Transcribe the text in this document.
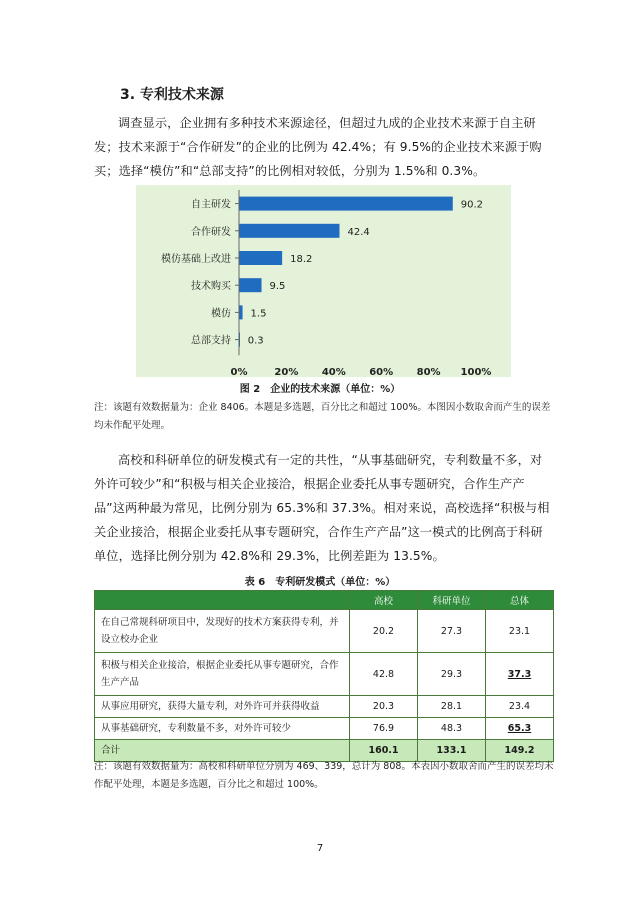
3. 专利技术来源
调查显示，企业拥有多种技术来源途径，但超过九成的企业技术来源于自主研发；技术来源于“合作研发”的企业的比例为 42.4%；有 9.5%的企业技术来源于购买；选择“模仿”和“总部支持”的比例相对较低，分别为 1.5%和 0.3%。
自主研发	90.2
合作研发	42.4
模仿基础上改进	18.2
技术购买	9.5
模仿 1.5
总部支持 0.3
0%	20% 40% 60% 80% 100%
图 2　企业的技术来源（单位：%）
注：该题有效数据量为：企业 8406。本题是多选题，百分比之和超过 100%。本图因小数取舍而产生的误差均未作配平处理。
高校和科研单位的研发模式有一定的共性，“从事基础研究，专利数量不多，对外许可较少”和“积极与相关企业接洽，根据企业委托从事专题研究，合作生产产品”这两种最为常见，比例分别为 65.3%和 37.3%。相对来说，高校选择“积极与相关企业接洽，根据企业委托从事专题研究，合作生产产品”这一模式的比例高于科研单位，选择比例分别为 42.8%和 29.3%，比例差距为 13.5%。
表 6　专利研发模式（单位：%）
	高校	科研单位	总体
在自己常规科研项目中，发现好的技术方案获得专利，并设立校办企业	20.2	27.3	23.1
积极与相关企业接洽，根据企业委托从事专题研究，合作生产产品	42.8	29.3	37.3
从事应用研究，获得大量专利，对外许可并获得收益	20.3	28.1	23.4
从事基础研究，专利数量不多，对外许可较少	76.9	48.3	65.3
合计	160.1	133.1	149.2
注：该题有效数据量为：高校和科研单位分别为 469、339，总计为 808。本表因小数取舍而产生的误差均未作配平处理，本题是多选题，百分比之和超过 100%。
7
